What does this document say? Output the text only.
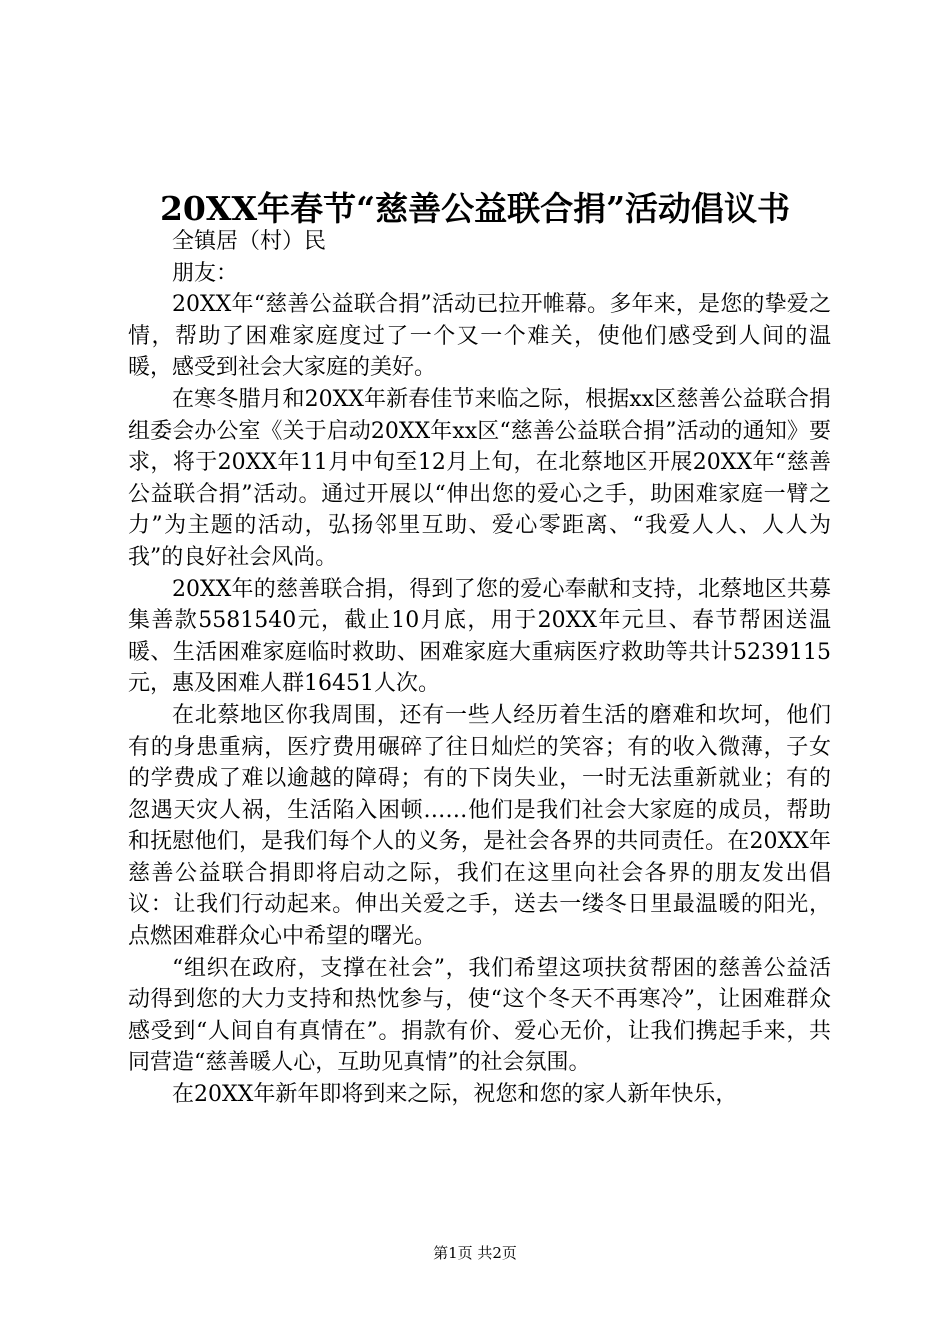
20XX年春节“慈善公益联合捐”活动倡议书

全镇居（村）民

朋友：

20XX年“慈善公益联合捐”活动已拉开帷幕。多年来，是您的挚爱之情，帮助了困难家庭度过了一个又一个难关，使他们感受到人间的温暖，感受到社会大家庭的美好。

在寒冬腊月和20XX年新春佳节来临之际，根据xx区慈善公益联合捐组委会办公室《关于启动20XX年xx区“慈善公益联合捐”活动的通知》要求，将于20XX年11月中旬至12月上旬，在北蔡地区开展20XX年“慈善公益联合捐”活动。通过开展以“伸出您的爱心之手，助困难家庭一臂之力”为主题的活动，弘扬邻里互助、爱心零距离、“我爱人人、人人为我”的良好社会风尚。

20XX年的慈善联合捐，得到了您的爱心奉献和支持，北蔡地区共募集善款5581540元，截止10月底，用于20XX年元旦、春节帮困送温暖、生活困难家庭临时救助、困难家庭大重病医疗救助等共计5239115元，惠及困难人群16451人次。

在北蔡地区你我周围，还有一些人经历着生活的磨难和坎坷，他们有的身患重病，医疗费用碾碎了往日灿烂的笑容；有的收入微薄，子女的学费成了难以逾越的障碍；有的下岗失业，一时无法重新就业；有的忽遇天灾人祸，生活陷入困顿……他们是我们社会大家庭的成员，帮助和抚慰他们，是我们每个人的义务，是社会各界的共同责任。在20XX年慈善公益联合捐即将启动之际，我们在这里向社会各界的朋友发出倡议：让我们行动起来。伸出关爱之手，送去一缕冬日里最温暖的阳光，点燃困难群众心中希望的曙光。

“组织在政府，支撑在社会”，我们希望这项扶贫帮困的慈善公益活动得到您的大力支持和热忱参与，使“这个冬天不再寒冷”，让困难群众感受到“人间自有真情在”。捐款有价、爱心无价，让我们携起手来，共同营造“慈善暖人心，互助见真情”的社会氛围。

在20XX年新年即将到来之际，祝您和您的家人新年快乐，

第1页 共2页
